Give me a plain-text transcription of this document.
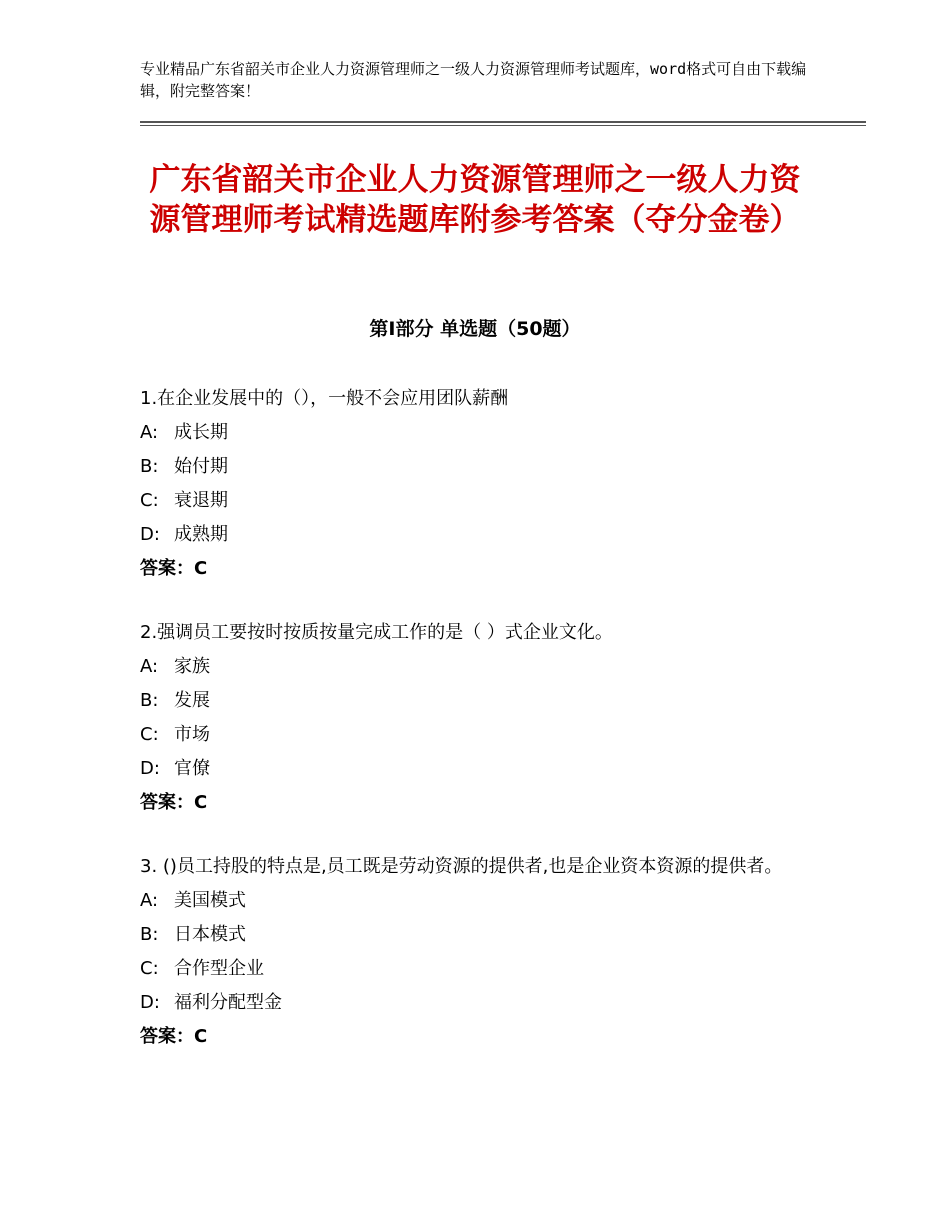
专业精品广东省韶关市企业人力资源管理师之一级人力资源管理师考试题库，word格式可自由下载编辑，附完整答案！
广东省韶关市企业人力资源管理师之一级人力资源管理师考试精选题库附参考答案（夺分金卷）
第Ⅰ部分 单选题（50题）
1.在企业发展中的（），一般不会应用团队薪酬
A: 成长期
B: 始付期
C: 衰退期
D: 成熟期
答案：C
2.强调员工要按时按质按量完成工作的是（ ）式企业文化。
A: 家族
B: 发展
C: 市场
D: 官僚
答案：C
3. ()员工持股的特点是,员工既是劳动资源的提供者,也是企业资本资源的提供者。
A: 美国模式
B: 日本模式
C: 合作型企业
D: 福利分配型金
答案：C
